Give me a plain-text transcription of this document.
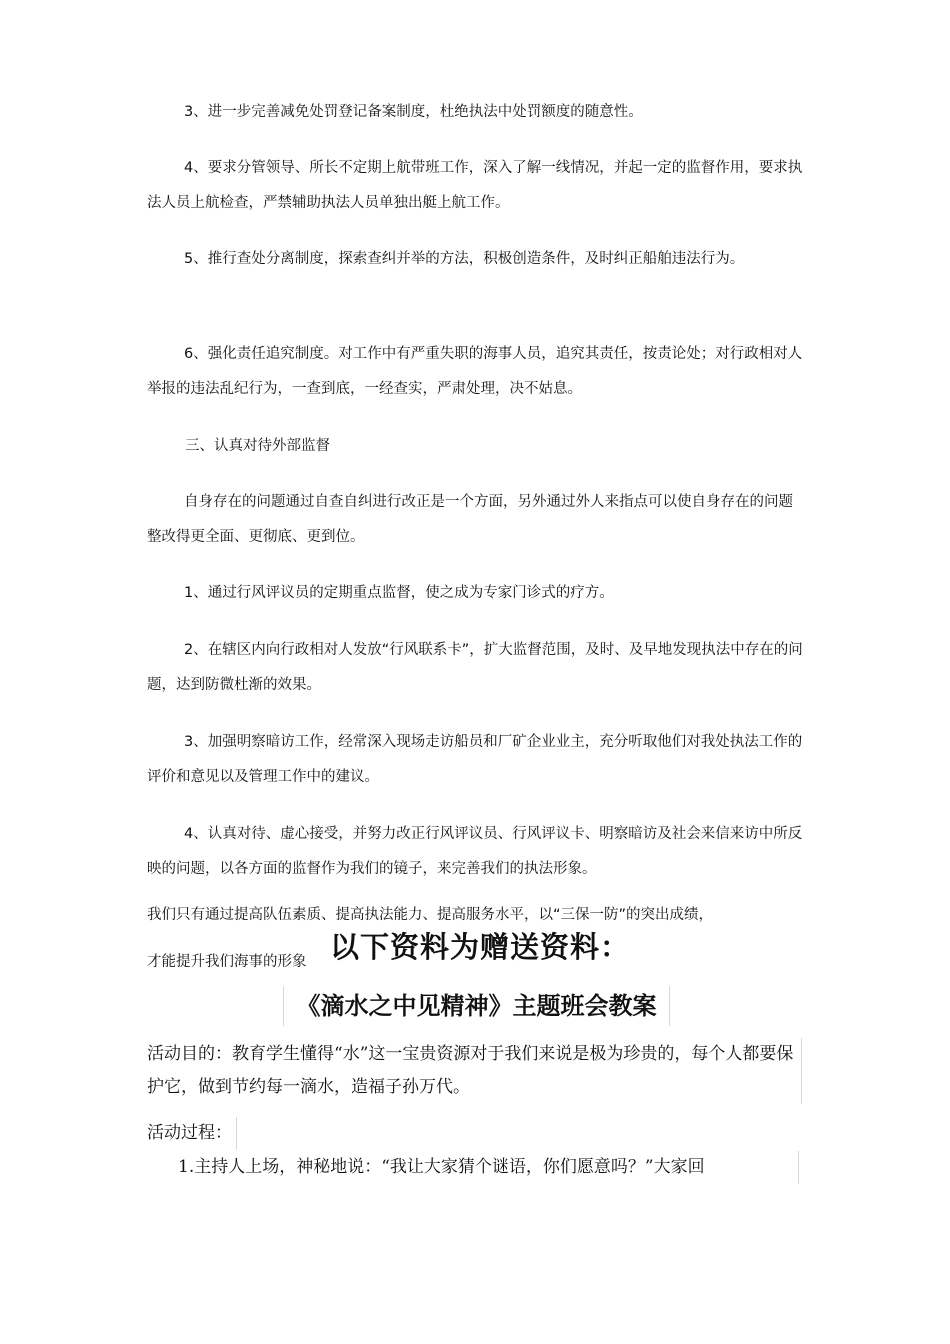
3、进一步完善减免处罚登记备案制度，杜绝执法中处罚额度的随意性。

4、要求分管领导、所长不定期上航带班工作，深入了解一线情况，并起一定的监督作用，要求执法人员上航检查，严禁辅助执法人员单独出艇上航工作。

5、推行查处分离制度，探索查纠并举的方法，积极创造条件，及时纠正船舶违法行为。

6、强化责任追究制度。对工作中有严重失职的海事人员，追究其责任，按责论处；对行政相对人举报的违法乱纪行为，一查到底，一经查实，严肃处理，决不姑息。

三、认真对待外部监督

自身存在的问题通过自查自纠进行改正是一个方面，另外通过外人来指点可以使自身存在的问题整改得更全面、更彻底、更到位。

1、通过行风评议员的定期重点监督，使之成为专家门诊式的疗方。

2、在辖区内向行政相对人发放“行风联系卡”，扩大监督范围，及时、及早地发现执法中存在的问题，达到防微杜渐的效果。

3、加强明察暗访工作，经常深入现场走访船员和厂矿企业业主，充分听取他们对我处执法工作的评价和意见以及管理工作中的建议。

4、认真对待、虚心接受，并努力改正行风评议员、行风评议卡、明察暗访及社会来信来访中所反映的问题，以各方面的监督作为我们的镜子，来完善我们的执法形象。

我们只有通过提高队伍素质、提高执法能力、提高服务水平，以“三保一防”的突出成绩，
才能提升我们海事的形象 以下资料为赠送资料：
《滴水之中见精神》主题班会教案
活动目的：教育学生懂得“水”这一宝贵资源对于我们来说是极为珍贵的，每个人都要保护它，做到节约每一滴水，造福子孙万代。
活动过程：
1.主持人上场，神秘地说：“我让大家猜个谜语，你们愿意吗？”大家回
